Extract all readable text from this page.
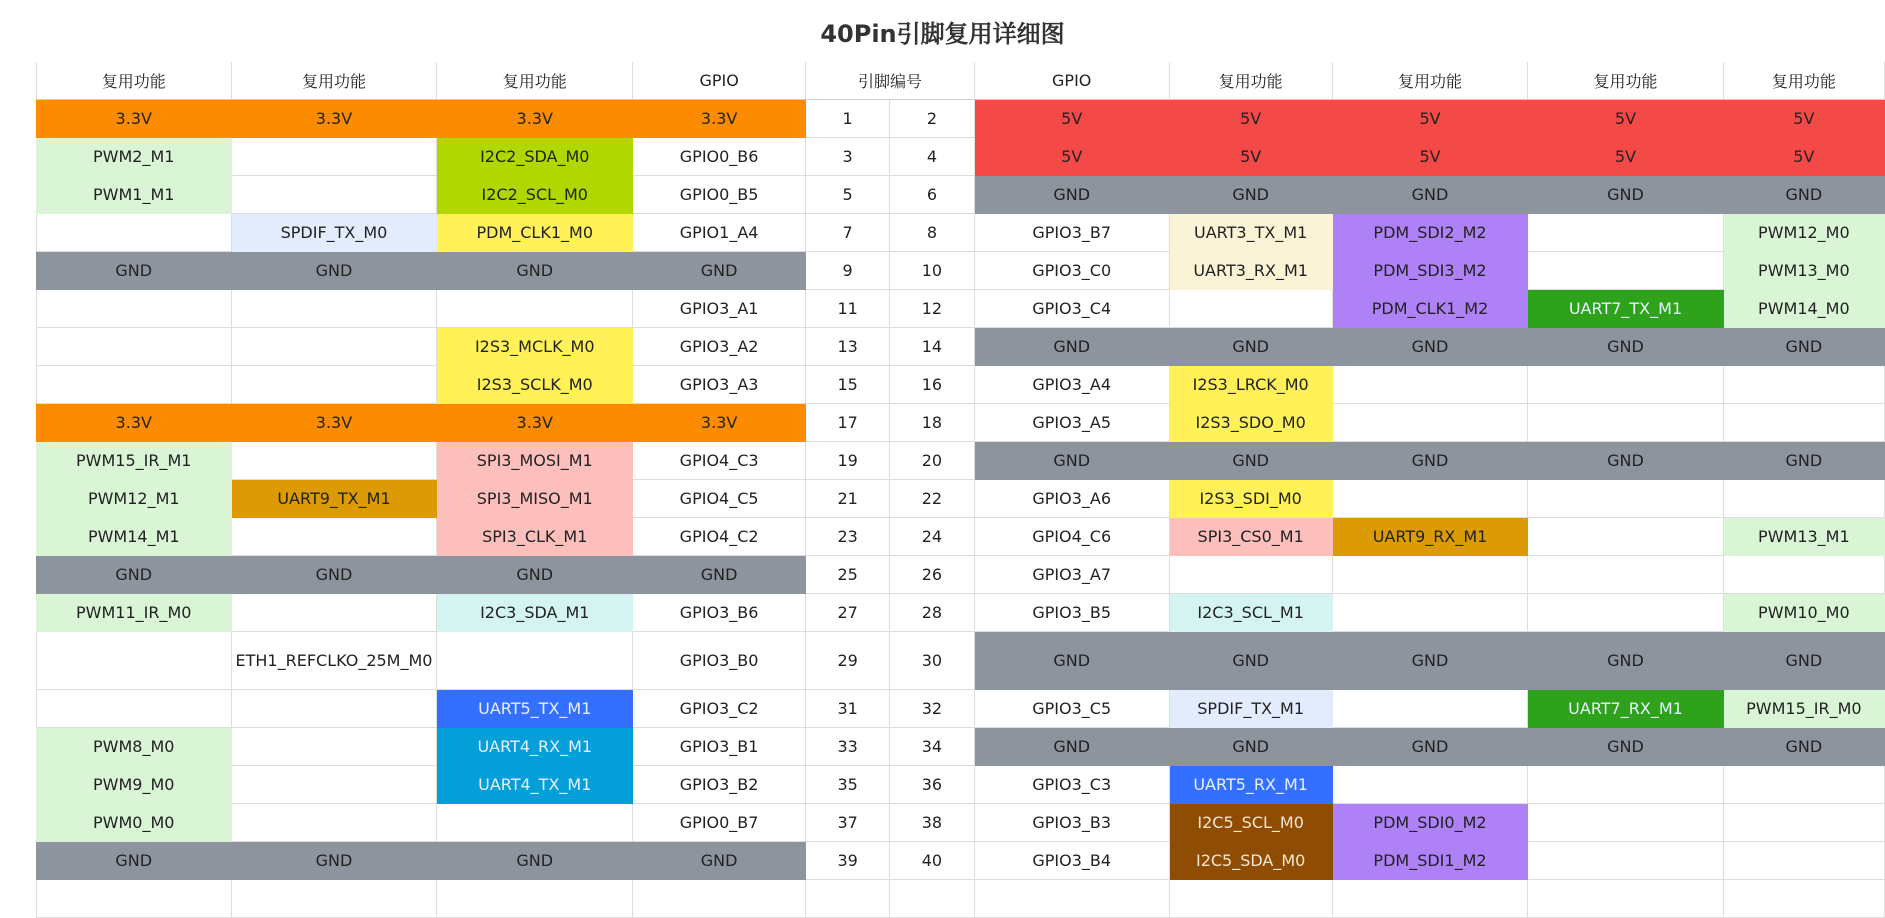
40Pin引脚复用详细图
复用功能	复用功能	复用功能	GPIO	引脚编号		GPIO	复用功能	复用功能	复用功能	复用功能
3.3V	3.3V	3.3V	3.3V	1	2	5V	5V	5V	5V	5V
PWM2_M1		I2C2_SDA_M0	GPIO0_B6	3	4	5V	5V	5V	5V	5V
PWM1_M1		I2C2_SCL_M0	GPIO0_B5	5	6	GND	GND	GND	GND	GND
	SPDIF_TX_M0	PDM_CLK1_M0	GPIO1_A4	7	8	GPIO3_B7	UART3_TX_M1	PDM_SDI2_M2		PWM12_M0
GND	GND	GND	GND	9	10	GPIO3_C0	UART3_RX_M1	PDM_SDI3_M2		PWM13_M0
			GPIO3_A1	11	12	GPIO3_C4		PDM_CLK1_M2	UART7_TX_M1	PWM14_M0
		I2S3_MCLK_M0	GPIO3_A2	13	14	GND	GND	GND	GND	GND
		I2S3_SCLK_M0	GPIO3_A3	15	16	GPIO3_A4	I2S3_LRCK_M0			
3.3V	3.3V	3.3V	3.3V	17	18	GPIO3_A5	I2S3_SDO_M0			
PWM15_IR_M1		SPI3_MOSI_M1	GPIO4_C3	19	20	GND	GND	GND	GND	GND
PWM12_M1	UART9_TX_M1	SPI3_MISO_M1	GPIO4_C5	21	22	GPIO3_A6	I2S3_SDI_M0			
PWM14_M1		SPI3_CLK_M1	GPIO4_C2	23	24	GPIO4_C6	SPI3_CS0_M1	UART9_RX_M1		PWM13_M1
GND	GND	GND	GND	25	26	GPIO3_A7				
PWM11_IR_M0		I2C3_SDA_M1	GPIO3_B6	27	28	GPIO3_B5	I2C3_SCL_M1			PWM10_M0
	ETH1_REFCLKO_25M_M0		GPIO3_B0	29	30	GND	GND	GND	GND	GND
		UART5_TX_M1	GPIO3_C2	31	32	GPIO3_C5	SPDIF_TX_M1		UART7_RX_M1	PWM15_IR_M0
PWM8_M0		UART4_RX_M1	GPIO3_B1	33	34	GND	GND	GND	GND	GND
PWM9_M0		UART4_TX_M1	GPIO3_B2	35	36	GPIO3_C3	UART5_RX_M1			
PWM0_M0			GPIO0_B7	37	38	GPIO3_B3	I2C5_SCL_M0	PDM_SDI0_M2		
GND	GND	GND	GND	39	40	GPIO3_B4	I2C5_SDA_M0	PDM_SDI1_M2		
